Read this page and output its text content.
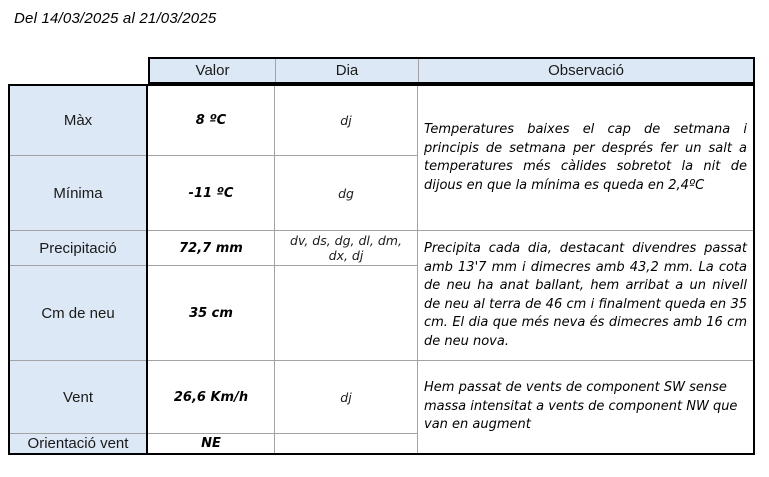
Del 14/03/2025 al 21/03/2025
Valor	Dia	Observació
Màx
Mínima
Precipitació
Cm de neu
Vent
Orientació vent
8 ºC
-11 ºC
72,7 mm
35 cm
26,6 Km/h
NE
dj
dg
dv, ds, dg, dl, dm, dx, dj
dj
Temperatures baixes el cap de setmana i principis de setmana per després fer un salt a temperatures més càlides sobretot la nit de dijous en que la mínima es queda en 2,4ºC
Precipita cada dia, destacant divendres passat amb 13'7 mm i dimecres amb 43,2 mm. La cota de neu ha anat ballant, hem arribat a un nivell de neu al terra de 46 cm i finalment queda en 35 cm. El dia que més neva és dimecres amb 16 cm de neu nova.
Hem passat de vents de component SW sense massa intensitat a vents de component NW que van en augment
